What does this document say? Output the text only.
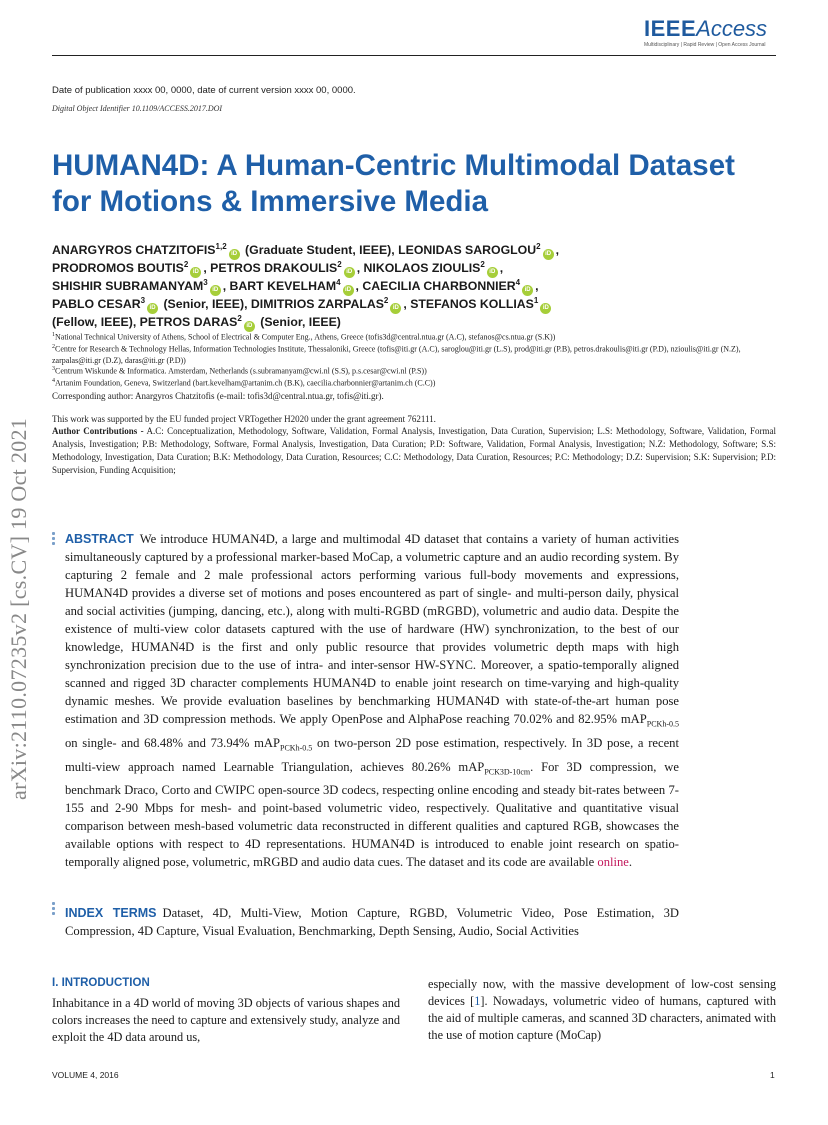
IEEEAccess
Multidisciplinary | Rapid Review | Open Access Journal
Date of publication xxxx 00, 0000, date of current version xxxx 00, 0000.
Digital Object Identifier 10.1109/ACCESS.2017.DOI
HUMAN4D: A Human-Centric Multimodal Dataset for Motions & Immersive Media
ANARGYROS CHATZITOFIS$^{1,2}$iD (Graduate Student, IEEE), LEONIDAS SAROGLOU$^2$iD ,
PRODROMOS BOUTIS$^2$iD , PETROS DRAKOULIS$^2$iD , NIKOLAOS ZIOULIS$^2$iD ,
SHISHIR SUBRAMANYAM$^3$iD , BART KEVELHAM$^4$iD , CAECILIA CHARBONNIER$^4$iD ,
PABLO CESAR$^3$iD (Senior, IEEE), DIMITRIOS ZARPALAS$^2$iD , STEFANOS KOLLIAS$^1$iD
(Fellow, IEEE), PETROS DARAS$^2$iD (Senior, IEEE)
$^1$National Technical University of Athens, School of Electrical & Computer Eng., Athens, Greece (tofis3d@central.ntua.gr (A.C), stefanos@cs.ntua.gr (S.K))
$^2$Centre for Research & Technology Hellas, Information Technologies Institute, Thessaloniki, Greece (tofis@iti.gr (A.C), saroglou@iti.gr (L.S), prod@iti.gr (P.B), petros.drakoulis@iti.gr (P.D), nzioulis@iti.gr (N.Z), zarpalas@iti.gr (D.Z), daras@iti.gr (P.D))
$^3$Centrum Wiskunde & Informatica. Amsterdam, Netherlands (s.subramanyam@cwi.nl (S.S), p.s.cesar@cwi.nl (P.S))
$^4$Artanim Foundation, Geneva, Switzerland (bart.kevelham@artanim.ch (B.K), caecilia.charbonnier@artanim.ch (C.C))
Corresponding author: Anargyros Chatzitofis (e-mail: tofis3d@central.ntua.gr, tofis@iti.gr).
This work was supported by the EU funded project VRTogether H2020 under the grant agreement 762111.
Author Contributions - A.C: Conceptualization, Methodology, Software, Validation, Formal Analysis, Investigation, Data Curation, Supervision; L.S: Methodology, Software, Validation, Formal Analysis, Investigation; P.B: Methodology, Software, Formal Analysis, Investigation, Data Curation; P.D: Software, Validation, Formal Analysis, Investigation; N.Z: Methodology, Software; S.S: Methodology, Investigation, Data Curation; B.K: Methodology, Data Curation, Resources; C.C: Methodology, Data Curation, Resources; P.C: Methodology; D.Z: Supervision; S.K: Supervision; P.D: Supervision, Funding Acquisition;
arXiv:2110.07235v2 [cs.CV] 19 Oct 2021	ABSTRACT We introduce HUMAN4D, a large and multimodal 4D dataset that contains a variety of human activities simultaneously captured by a professional marker-based MoCap, a volumetric capture and an audio recording system. By capturing 2 female and 2 male professional actors performing various full-body movements and expressions, HUMAN4D provides a diverse set of motions and poses encountered as part of single- and multi-person daily, physical and social activities (jumping, dancing, etc.), along with multi-RGBD (mRGBD), volumetric and audio data. Despite the existence of multi-view color datasets captured with the use of hardware (HW) synchronization, to the best of our knowledge, HUMAN4D is the first and only public resource that provides volumetric depth maps with high synchronization precision due to the use of intra- and inter-sensor HW-SYNC. Moreover, a spatio-temporally aligned scanned and rigged 3D character complements HUMAN4D to enable joint research on time-varying and high-quality dynamic meshes. We provide evaluation baselines by benchmarking HUMAN4D with state-of-the-art human pose estimation and 3D compression methods. We apply OpenPose and AlphaPose reaching 70.02% and 82.95% mAP$_{PCKh-0.5}$ on single- and 68.48% and 73.94% mAP$_{PCKh-0.5}$ on two-person 2D pose estimation, respectively. In 3D pose, a recent multi-view approach named Learnable Triangulation, achieves 80.26% mAP$_{PCK3D-10cm}$. For 3D compression, we benchmark Draco, Corto and CWIPC open-source 3D codecs, respecting online encoding and steady bit-rates between 7-155 and 2-90 Mbps for mesh- and point-based volumetric video, respectively. Qualitative and quantitative visual comparison between mesh-based volumetric data reconstructed in different qualities and captured RGB, showcases the available options with respect to 4D representations. HUMAN4D is introduced to enable joint research on spatio-temporally aligned pose, volumetric, mRGBD and audio data cues. The dataset and its code are available online.
INDEX TERMS Dataset, 4D, Multi-View, Motion Capture, RGBD, Volumetric Video, Pose Estimation, 3D Compression, 4D Capture, Visual Evaluation, Benchmarking, Depth Sensing, Audio, Social Activities
I. INTRODUCTION
Inhabitance in a 4D world of moving 3D objects of various shapes and colors increases the need to capture and extensively study, analyze and exploit the 4D data around us,
especially now, with the massive development of low-cost sensing devices [1]. Nowadays, volumetric video of humans, captured with the aid of multiple cameras, and scanned 3D characters, animated with the use of motion capture (MoCap)
VOLUME 4, 2016	1
